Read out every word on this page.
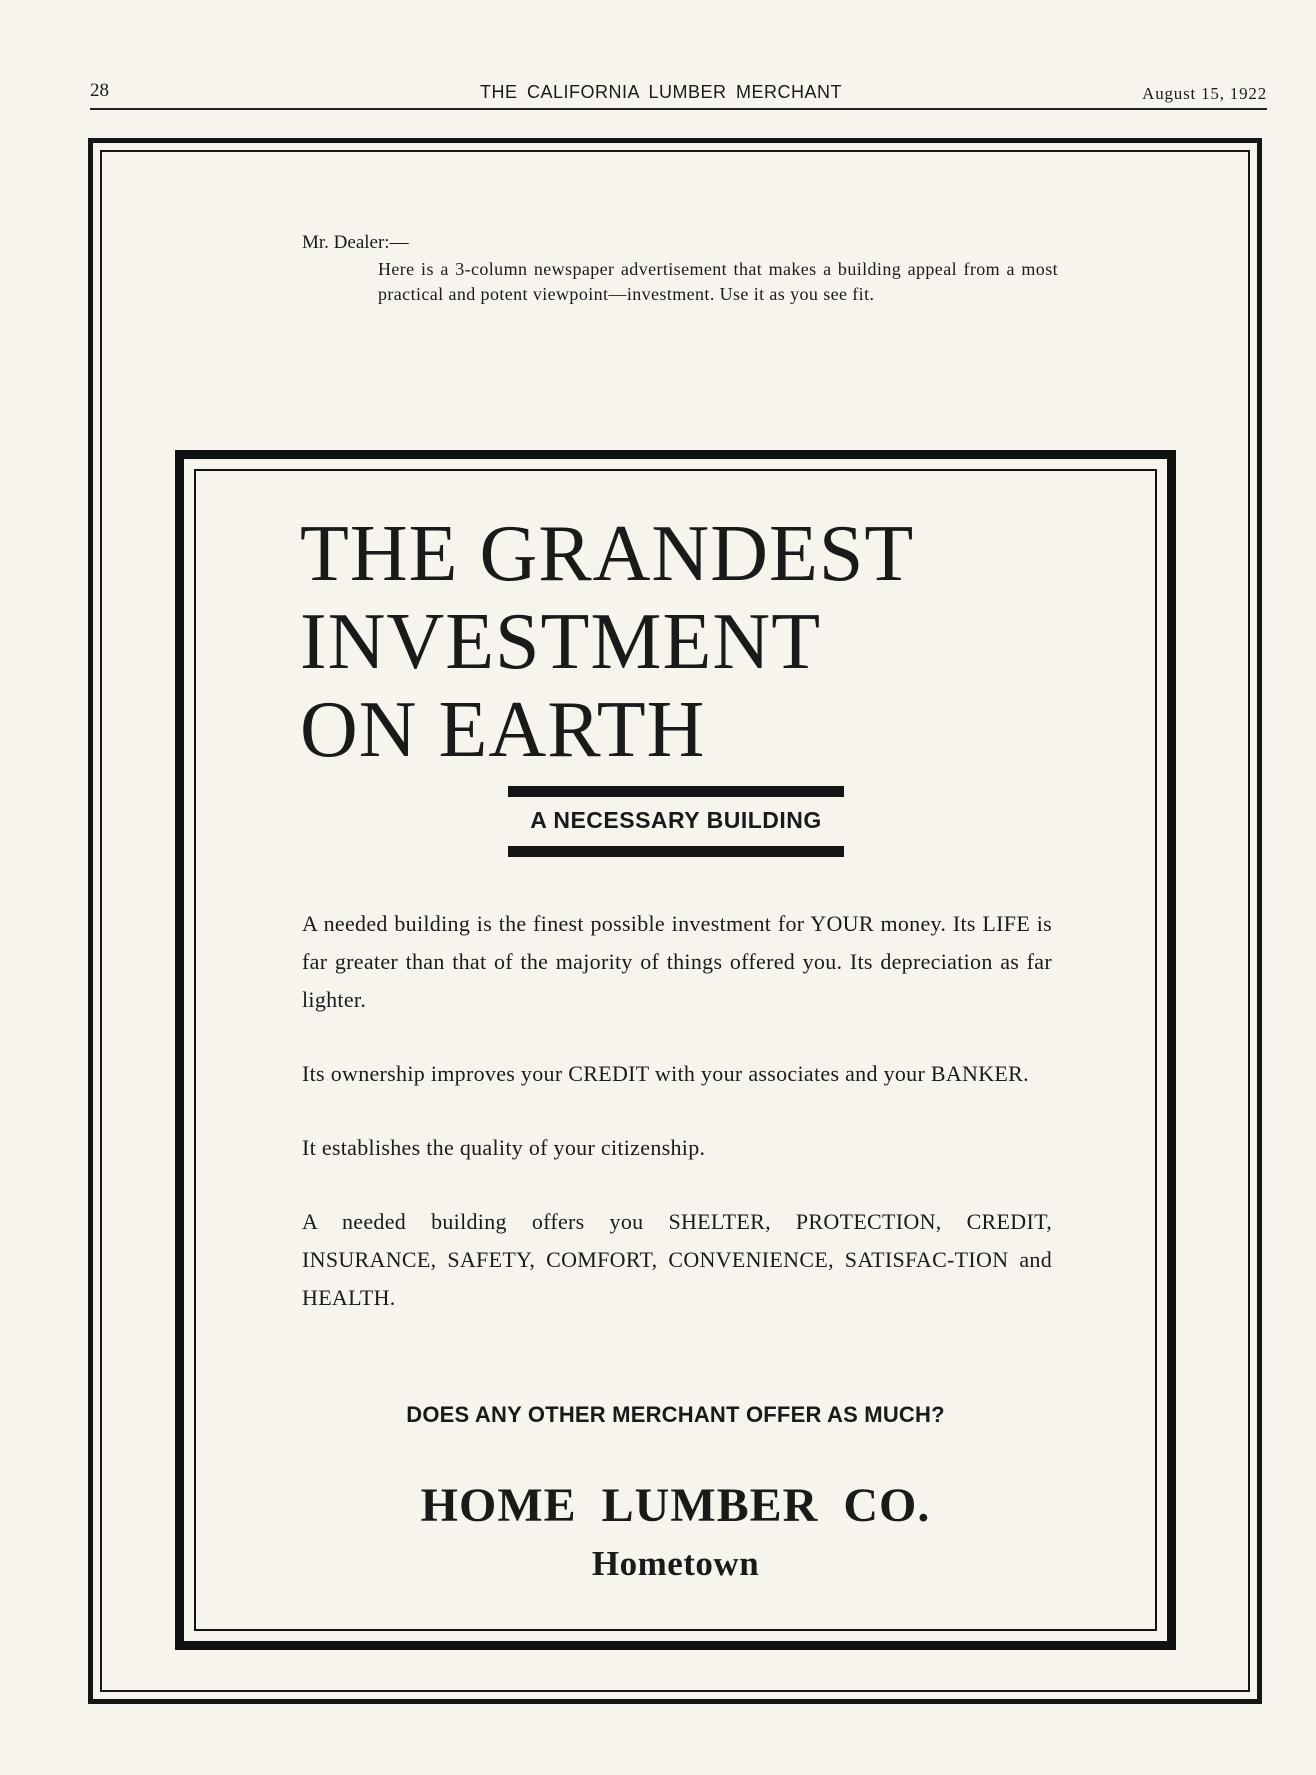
28	THE CALIFORNIA LUMBER MERCHANT	August 15, 1922

Mr. Dealer:—

Here is a 3-column newspaper advertisement that makes a building appeal from a most practical and potent viewpoint—investment. Use it as you see fit.

THE GRANDEST
INVESTMENT
ON EARTH
A NECESSARY BUILDING

A needed building is the finest possible investment for YOUR money. Its LIFE is far greater than that of the majority of things offered you. Its depreciation as far lighter.

Its ownership improves your CREDIT with your associates and your BANKER.

It establishes the quality of your citizenship.

A needed building offers you SHELTER, PROTECTION, CREDIT, INSURANCE, SAFETY, COMFORT, CONVENIENCE, SATISFAC-TION and HEALTH.

DOES ANY OTHER MERCHANT OFFER AS MUCH?
HOME LUMBER CO.
Hometown
